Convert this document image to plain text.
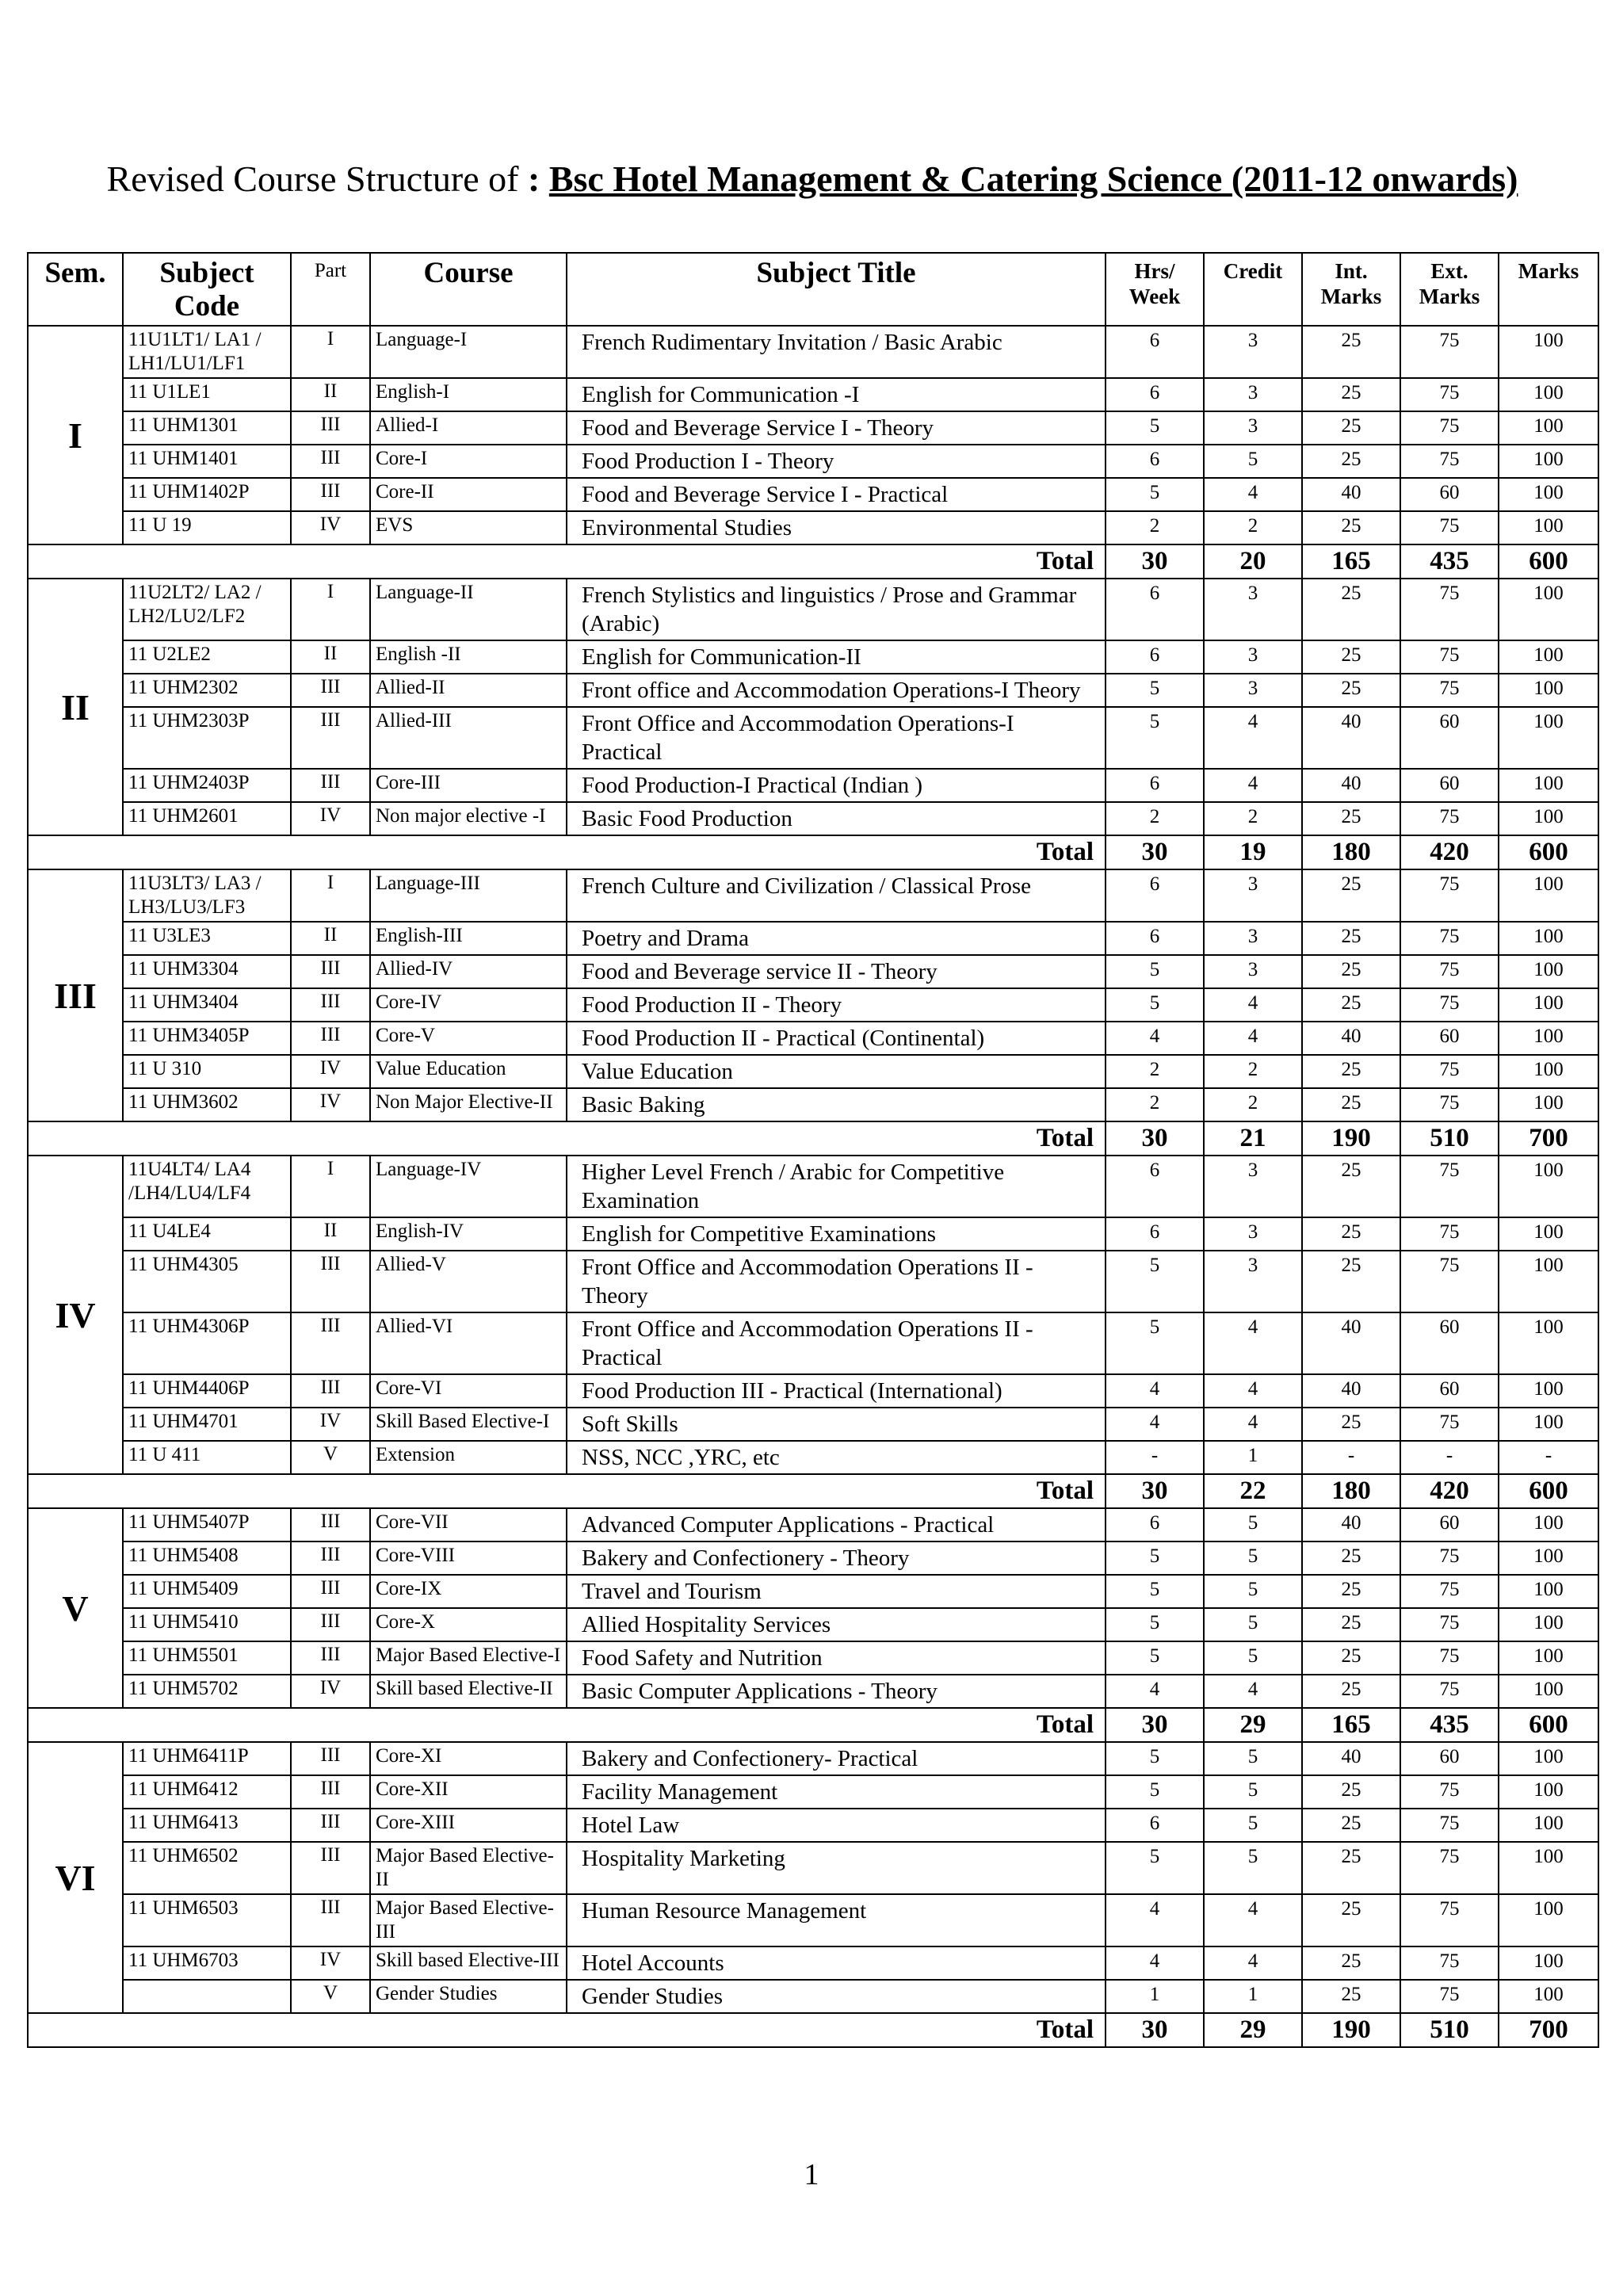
Revised Course Structure of : Bsc Hotel Management & Catering Science (2011-12 onwards)
Sem.	Subject Code	Part	Course	Subject Title	Hrs/ Week	Credit	Int. Marks	Ext. Marks	Marks
I	11U1LT1/ LA1 / LH1/LU1/LF1	I	Language-I	French Rudimentary Invitation / Basic Arabic	6	3	25	75	100
	11 U1LE1	II	English-I	English for Communication -I	6	3	25	75	100
	11 UHM1301	III	Allied-I	Food and Beverage Service I - Theory	5	3	25	75	100
	11 UHM1401	III	Core-I	Food Production I - Theory	6	5	25	75	100
	11 UHM1402P	III	Core-II	Food and Beverage Service I - Practical	5	4	40	60	100
	11 U 19	IV	EVS	Environmental Studies	2	2	25	75	100
Total					30	20	165	435	600
II	11U2LT2/ LA2 / LH2/LU2/LF2	I	Language-II	French Stylistics and linguistics / Prose and Grammar (Arabic)	6	3	25	75	100
	11 U2LE2	II	English -II	English for Communication-II	6	3	25	75	100
	11 UHM2302	III	Allied-II	Front office and Accommodation Operations-I Theory	5	3	25	75	100
	11 UHM2303P	III	Allied-III	Front Office and Accommodation Operations-I Practical	5	4	40	60	100
	11 UHM2403P	III	Core-III	Food Production-I Practical (Indian )	6	4	40	60	100
	11 UHM2601	IV	Non major elective -I	Basic Food Production	2	2	25	75	100
Total					30	19	180	420	600
III	11U3LT3/ LA3 / LH3/LU3/LF3	I	Language-III	French Culture and Civilization / Classical Prose	6	3	25	75	100
	11 U3LE3	II	English-III	Poetry and Drama	6	3	25	75	100
	11 UHM3304	III	Allied-IV	Food and Beverage service II - Theory	5	3	25	75	100
	11 UHM3404	III	Core-IV	Food Production II - Theory	5	4	25	75	100
	11 UHM3405P	III	Core-V	Food Production II - Practical (Continental)	4	4	40	60	100
	11 U 310	IV	Value Education	Value Education	2	2	25	75	100
	11 UHM3602	IV	Non Major Elective-II	Basic Baking	2	2	25	75	100
Total					30	21	190	510	700
IV	11U4LT4/ LA4 /LH4/LU4/LF4	I	Language-IV	Higher Level French / Arabic for Competitive Examination	6	3	25	75	100
	11 U4LE4	II	English-IV	English for Competitive Examinations	6	3	25	75	100
	11 UHM4305	III	Allied-V	Front Office and Accommodation Operations II - Theory	5	3	25	75	100
	11 UHM4306P	III	Allied-VI	Front Office and Accommodation Operations II - Practical	5	4	40	60	100
	11 UHM4406P	III	Core-VI	Food Production III - Practical (International)	4	4	40	60	100
	11 UHM4701	IV	Skill Based Elective-I	Soft Skills	4	4	25	75	100
	11 U 411	V	Extension	NSS, NCC ,YRC, etc	-	1	-	-	-
Total					30	22	180	420	600
V	11 UHM5407P	III	Core-VII	Advanced Computer Applications - Practical	6	5	40	60	100
	11 UHM5408	III	Core-VIII	Bakery and Confectionery - Theory	5	5	25	75	100
	11 UHM5409	III	Core-IX	Travel and Tourism	5	5	25	75	100
	11 UHM5410	III	Core-X	Allied Hospitality Services	5	5	25	75	100
	11 UHM5501	III	Major Based Elective-I	Food Safety and Nutrition	5	5	25	75	100
	11 UHM5702	IV	Skill based Elective-II	Basic Computer Applications - Theory	4	4	25	75	100
Total					30	29	165	435	600
VI	11 UHM6411P	III	Core-XI	Bakery and Confectionery- Practical	5	5	40	60	100
	11 UHM6412	III	Core-XII	Facility Management	5	5	25	75	100
	11 UHM6413	III	Core-XIII	Hotel Law	6	5	25	75	100
	11 UHM6502	III	Major Based Elective-II	Hospitality Marketing	5	5	25	75	100
	11 UHM6503	III	Major Based Elective-III	Human Resource Management	4	4	25	75	100
	11 UHM6703	IV	Skill based Elective-III	Hotel Accounts	4	4	25	75	100
		V	Gender Studies	Gender Studies	1	1	25	75	100
Total					30	29	190	510	700
1
